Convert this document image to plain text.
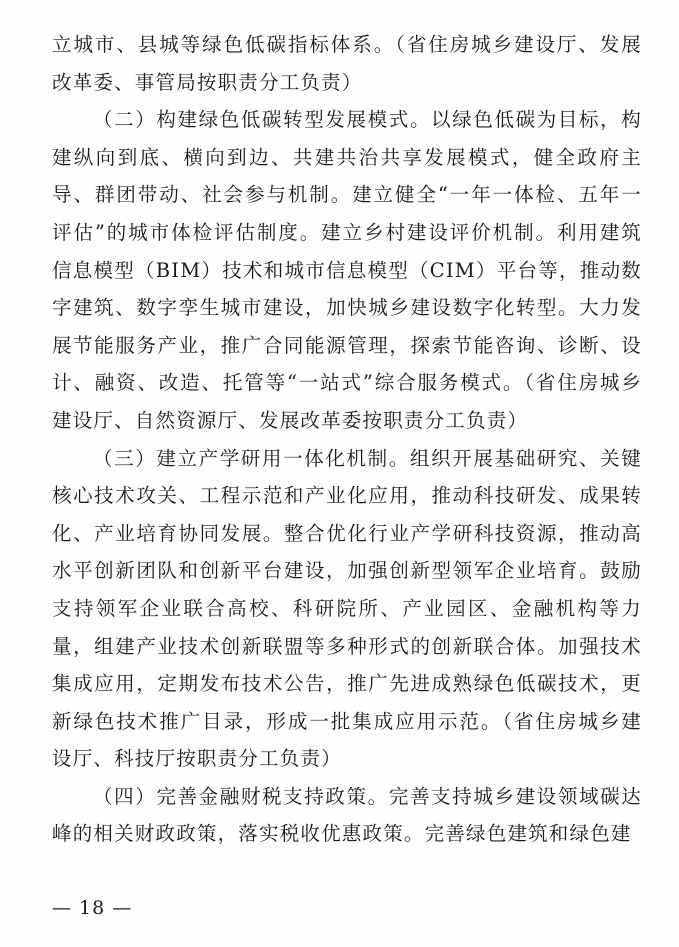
立城市、县城等绿色低碳指标体系。（省住房城乡建设厅、发展改革委、事管局按职责分工负责）

（二）构建绿色低碳转型发展模式。以绿色低碳为目标，构建纵向到底、横向到边、共建共治共享发展模式，健全政府主导、群团带动、社会参与机制。建立健全“一年一体检、五年一评估”的城市体检评估制度。建立乡村建设评价机制。利用建筑信息模型（BIM）技术和城市信息模型（CIM）平台等，推动数字建筑、数字孪生城市建设，加快城乡建设数字化转型。大力发展节能服务产业，推广合同能源管理，探索节能咨询、诊断、设计、融资、改造、托管等“一站式”综合服务模式。（省住房城乡建设厅、自然资源厅、发展改革委按职责分工负责）

（三）建立产学研用一体化机制。组织开展基础研究、关键核心技术攻关、工程示范和产业化应用，推动科技研发、成果转化、产业培育协同发展。整合优化行业产学研科技资源，推动高水平创新团队和创新平台建设，加强创新型领军企业培育。鼓励支持领军企业联合高校、科研院所、产业园区、金融机构等力量，组建产业技术创新联盟等多种形式的创新联合体。加强技术集成应用，定期发布技术公告，推广先进成熟绿色低碳技术，更新绿色技术推广目录，形成一批集成应用示范。（省住房城乡建设厅、科技厅按职责分工负责）

（四）完善金融财税支持政策。完善支持城乡建设领域碳达峰的相关财政政策，落实税收优惠政策。完善绿色建筑和绿色建

— 18 —
